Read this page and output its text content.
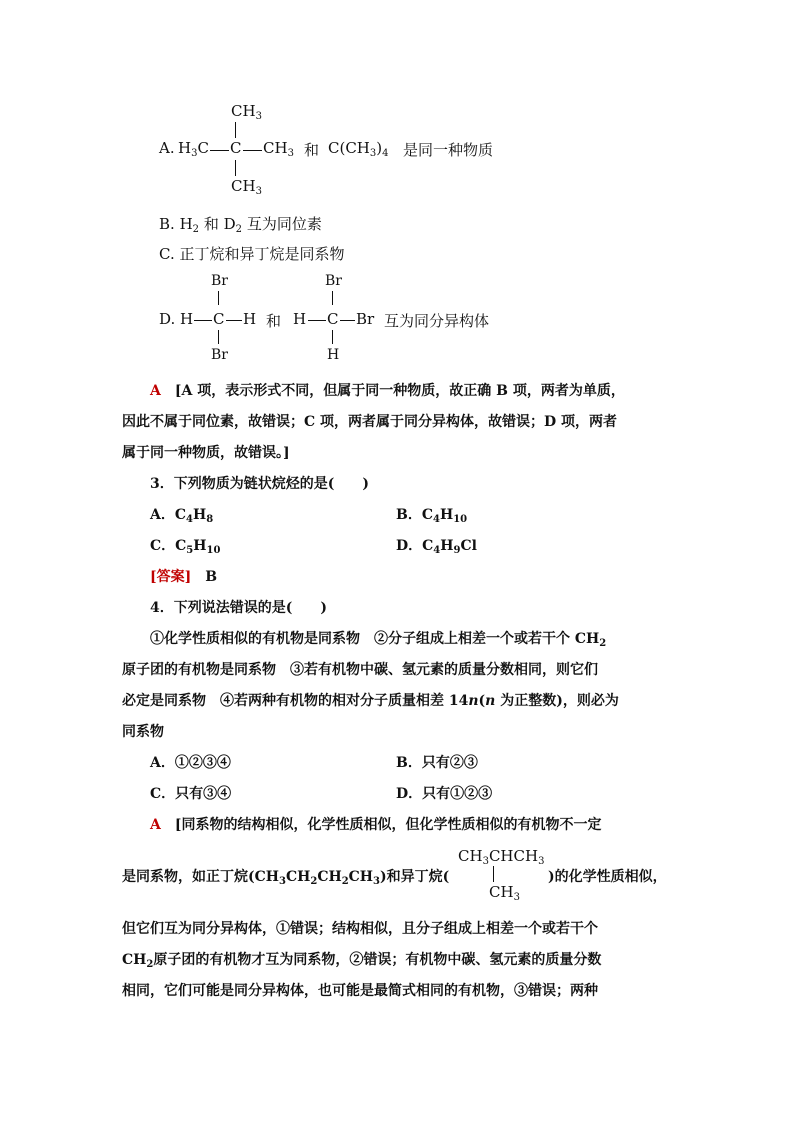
$CH_3$
A. $H_3C$ C $CH_3$
$CH_3$
和 $C(CH_3)_4$ 是同一种物质
B. $H_2$ 和 $D_2$ 互为同位素
C. 正丁烷和异丁烷是同系物
Br
D. H C H
Br
和
Br
H C Br
H
互为同分异构体
A　 [A 项，表示形式不同，但属于同一种物质，故正确 B 项，两者为单质，
因此不属于同位素，故错误；C 项，两者属于同分异构体，故错误；D 项，两者
属于同一种物质，故错误。]
3．下列物质为链状烷烃的是(　　)
A．$C_4H_8$	B．$C_4H_{10}$
C．$C_5H_{10}$	D．$C_4H_9Cl$
[答案]　 B
4．下列说法错误的是(　　)
①化学性质相似的有机物是同系物　②分子组成上相差一个或若干个 $CH_2$
原子团的有机物是同系物　③若有机物中碳、氢元素的质量分数相同，则它们
必定是同系物　④若两种有机物的相对分子质量相差 14n(n 为正整数)，则必为
同系物
A．①②③④	B．只有②③
C．只有③④	D．只有①②③
A　 [同系物的结构相似，化学性质相似，但化学性质相似的有机物不一定
是同系物，如正丁烷$(CH_3CH_2CH_2CH_3)$和异丁烷(
$CH_3CHCH_3$
$CH_3$
)的化学性质相似，
但它们互为同分异构体，①错误；结构相似，且分子组成上相差一个或若干个
$CH_2$原子团的有机物才互为同系物，②错误；有机物中碳、氢元素的质量分数
相同，它们可能是同分异构体，也可能是最简式相同的有机物，③错误；两种
